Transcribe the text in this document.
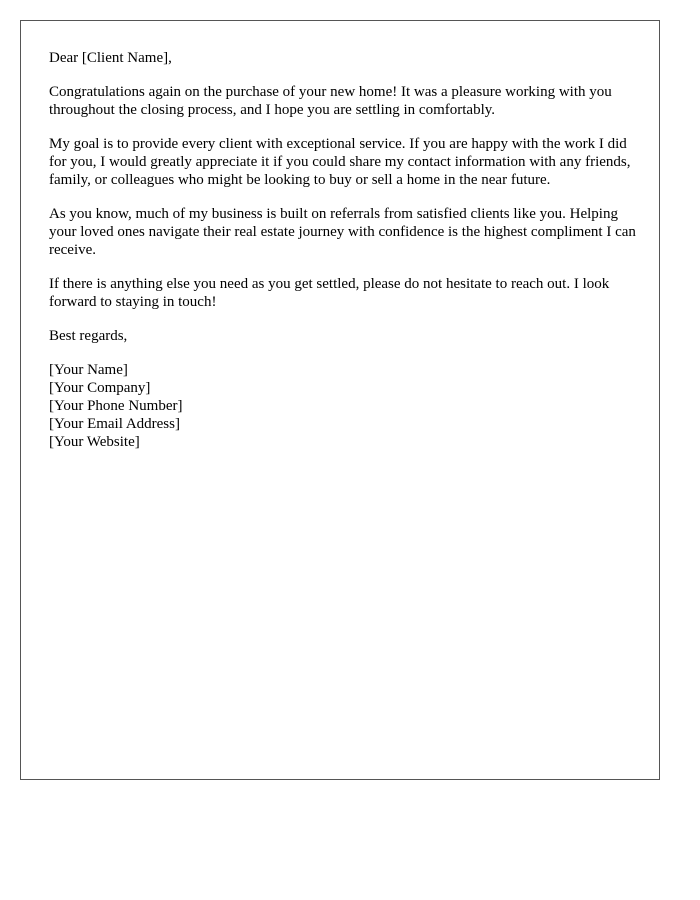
Dear [Client Name],

Congratulations again on the purchase of your new home! It was a pleasure working with you throughout the closing process, and I hope you are settling in comfortably.

My goal is to provide every client with exceptional service. If you are happy with the work I did for you, I would greatly appreciate it if you could share my contact information with any friends, family, or colleagues who might be looking to buy or sell a home in the near future.

As you know, much of my business is built on referrals from satisfied clients like you. Helping your loved ones navigate their real estate journey with confidence is the highest compliment I can receive.

If there is anything else you need as you get settled, please do not hesitate to reach out. I look forward to staying in touch!

Best regards,

[Your Name]
[Your Company]
[Your Phone Number]
[Your Email Address]
[Your Website]
